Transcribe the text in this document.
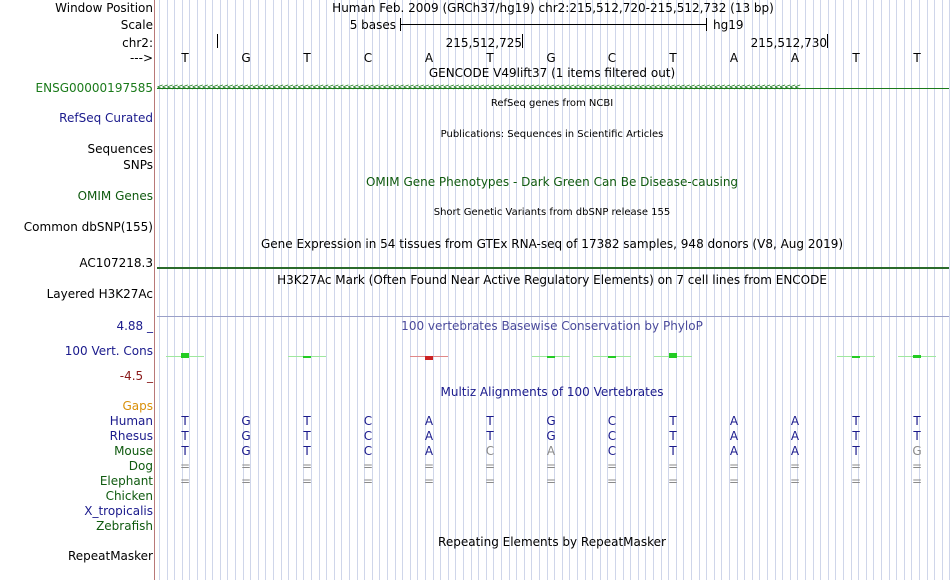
Window Position	Human Feb. 2009 (GRCh37/hg19) chr2:215,512,720-215,512,732 (13 bp)
Scale	5 bases	hg19
chr2:	215,512,725	215,512,730
--->	T	G	T	C	A	T	G	C	T	A	A	T	T
GENCODE V49lift37 (1 items filtered out)
ENSG00000197585 <<<<<<<<<<<<<<<<<<<<<<<<<<<<<<<<<<<<<<<<<<<<<<<<<<<<<<<<<<<<<<<<<<<<<<<<<<<<<<<<<<<<<<<<<<<<<<<<<<<<<<<<<<<<<<<<<<<<<<<<<<<<<<<<
RefSeq genes from NCBI
RefSeq Curated
Publications: Sequences in Scientific Articles
Sequences
SNPs
OMIM Gene Phenotypes - Dark Green Can Be Disease-causing
OMIM Genes
Short Genetic Variants from dbSNP release 155
Common dbSNP(155)
Gene Expression in 54 tissues from GTEx RNA-seq of 17382 samples, 948 donors (V8, Aug 2019)
AC107218.3
H3K27Ac Mark (Often Found Near Active Regulatory Elements) on 7 cell lines from ENCODE
Layered H3K27Ac
4.88 _	100 vertebrates Basewise Conservation by PhyloP
100 Vert. Cons
-4.5 _
Multiz Alignments of 100 Vertebrates
Gaps
Human	T	G	T	C	A	T	G	C	T	A	A	T	T
Rhesus	T	G	T	C	A	T	G	C	T	A	A	T	T
Mouse	T	G	T	C	A	C	A	C	T	A	A	T	G
Dog	=	=	=	=	=	=	=	=	=	=	=	=	=
Elephant	=	=	=	=	=	=	=	=	=	=	=	=	=
Chicken
X_tropicalis
Zebrafish
Repeating Elements by RepeatMasker
RepeatMasker
